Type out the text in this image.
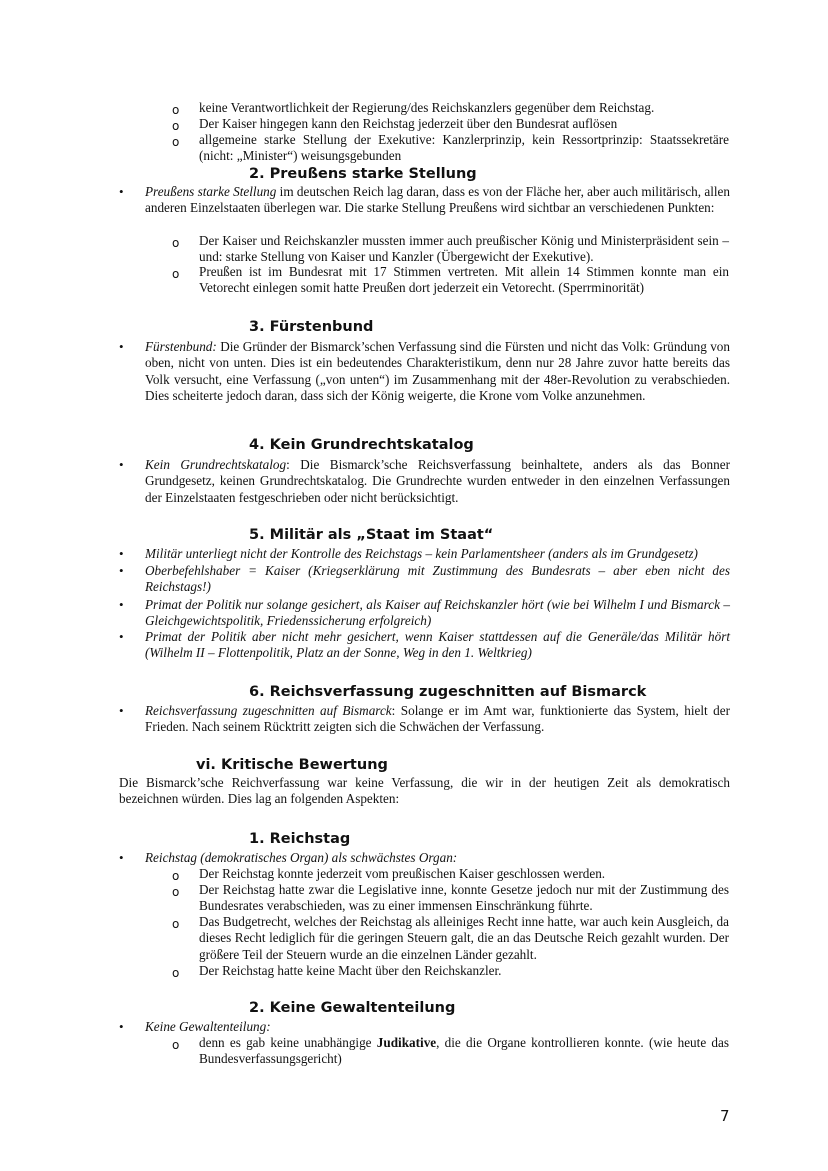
o keine Verantwortlichkeit der Regierung/des Reichskanzlers gegenüber dem Reichstag.
o Der Kaiser hingegen kann den Reichstag jederzeit über den Bundesrat auflösen
o allgemeine starke Stellung der Exekutive: Kanzlerprinzip, kein Ressortprinzip: Staatssekretäre (nicht: „Minister“) weisungsgebunden
2. Preußens starke Stellung
• Preußens starke Stellung im deutschen Reich lag daran, dass es von der Fläche her, aber auch militärisch, allen anderen Einzelstaaten überlegen war. Die starke Stellung Preußens wird sichtbar an verschiedenen Punkten:
o Der Kaiser und Reichskanzler mussten immer auch preußischer König und Ministerpräsident sein – und: starke Stellung von Kaiser und Kanzler (Übergewicht der Exekutive).
o Preußen ist im Bundesrat mit 17 Stimmen vertreten. Mit allein 14 Stimmen konnte man ein Vetorecht einlegen somit hatte Preußen dort jederzeit ein Vetorecht. (Sperrminorität)
3. Fürstenbund
• Fürstenbund: Die Gründer der Bismarck’schen Verfassung sind die Fürsten und nicht das Volk: Gründung von oben, nicht von unten. Dies ist ein bedeutendes Charakteristikum, denn nur 28 Jahre zuvor hatte bereits das Volk versucht, eine Verfassung („von unten“) im Zusammenhang mit der 48er-Revolution zu verabschieden. Dies scheiterte jedoch daran, dass sich der König weigerte, die Krone vom Volke anzunehmen.
4. Kein Grundrechtskatalog
• Kein Grundrechtskatalog: Die Bismarck’sche Reichsverfassung beinhaltete, anders als das Bonner Grundgesetz, keinen Grundrechtskatalog. Die Grundrechte wurden entweder in den einzelnen Verfassungen der Einzelstaaten festgeschrieben oder nicht berücksichtigt.
5. Militär als „Staat im Staat“
• Militär unterliegt nicht der Kontrolle des Reichstags – kein Parlamentsheer (anders als im Grundgesetz)
• Oberbefehlshaber = Kaiser (Kriegserklärung mit Zustimmung des Bundesrats – aber eben nicht des Reichstags!)
• Primat der Politik nur solange gesichert, als Kaiser auf Reichskanzler hört (wie bei Wilhelm I und Bismarck – Gleichgewichtspolitik, Friedenssicherung erfolgreich)
• Primat der Politik aber nicht mehr gesichert, wenn Kaiser stattdessen auf die Generäle/das Militär hört (Wilhelm II – Flottenpolitik, Platz an der Sonne, Weg in den 1. Weltkrieg)
6. Reichsverfassung zugeschnitten auf Bismarck
• Reichsverfassung zugeschnitten auf Bismarck: Solange er im Amt war, funktionierte das System, hielt der Frieden. Nach seinem Rücktritt zeigten sich die Schwächen der Verfassung.
vi. Kritische Bewertung
Die Bismarck’sche Reichverfassung war keine Verfassung, die wir in der heutigen Zeit als demokratisch bezeichnen würden. Dies lag an folgenden Aspekten:
1. Reichstag
• Reichstag (demokratisches Organ) als schwächstes Organ:
o Der Reichstag konnte jederzeit vom preußischen Kaiser geschlossen werden.
o Der Reichstag hatte zwar die Legislative inne, konnte Gesetze jedoch nur mit der Zustimmung des Bundesrates verabschieden, was zu einer immensen Einschränkung führte.
o Das Budgetrecht, welches der Reichstag als alleiniges Recht inne hatte, war auch kein Ausgleich, da dieses Recht lediglich für die geringen Steuern galt, die an das Deutsche Reich gezahlt wurden. Der größere Teil der Steuern wurde an die einzelnen Länder gezahlt.
o Der Reichstag hatte keine Macht über den Reichskanzler.
2. Keine Gewaltenteilung
• Keine Gewaltenteilung:
o denn es gab keine unabhängige Judikative, die die Organe kontrollieren konnte. (wie heute das Bundesverfassungsgericht)
7
